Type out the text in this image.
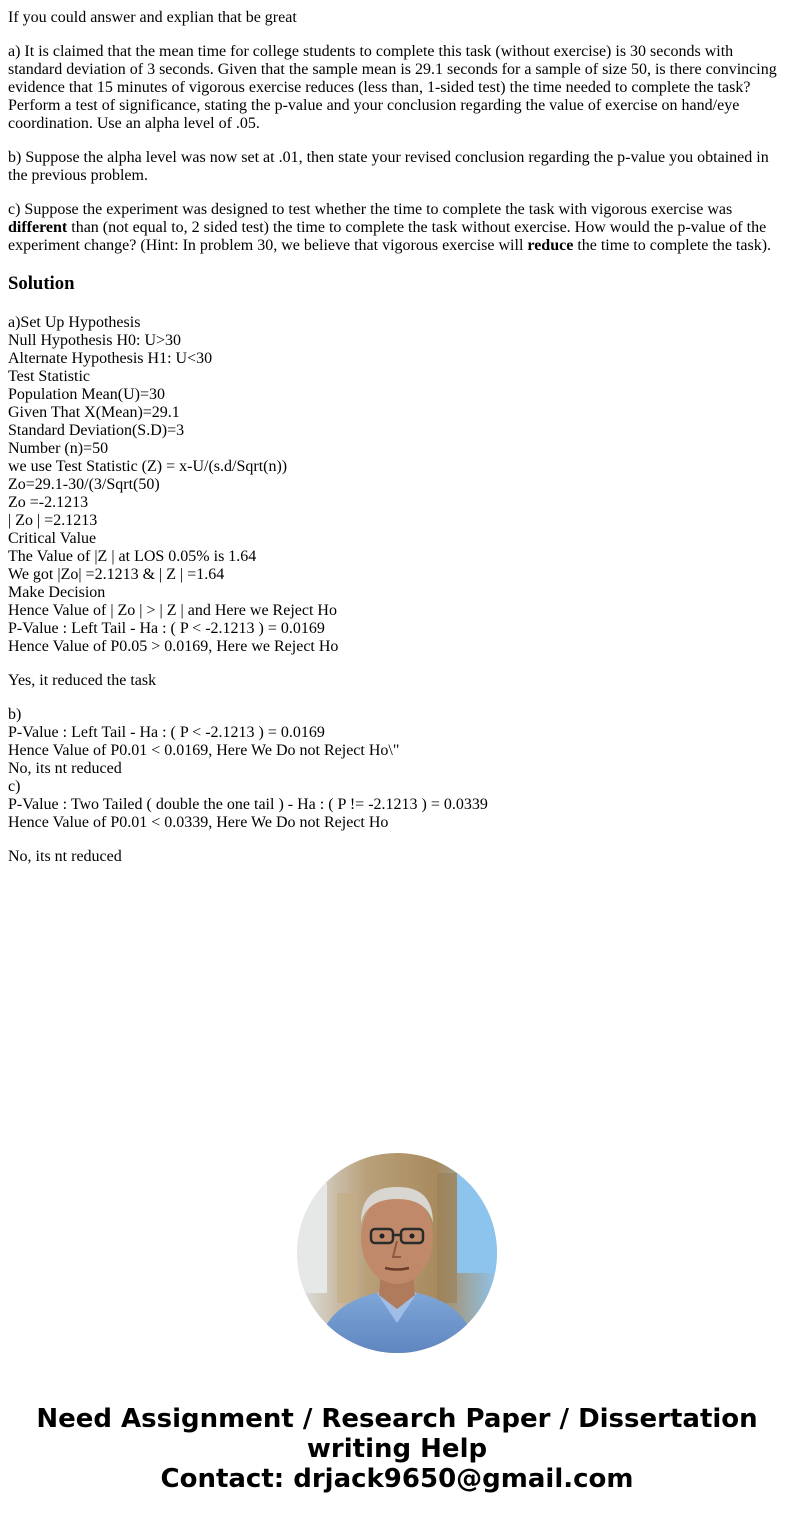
If you could answer and explian that be great

a) It is claimed that the mean time for college students to complete this task (without exercise) is 30 seconds with standard deviation of 3 seconds. Given that the sample mean is 29.1 seconds for a sample of size 50, is there convincing evidence that 15 minutes of vigorous exercise reduces (less than, 1-sided test) the time needed to complete the task? Perform a test of significance, stating the p-value and your conclusion regarding the value of exercise on hand/eye coordination. Use an alpha level of .05.

b) Suppose the alpha level was now set at .01, then state your revised conclusion regarding the p-value you obtained in the previous problem.

c) Suppose the experiment was designed to test whether the time to complete the task with vigorous exercise was different than (not equal to, 2 sided test) the time to complete the task without exercise. How would the p-value of the experiment change? (Hint: In problem 30, we believe that vigorous exercise will reduce the time to complete the task).

Solution
a)Set Up Hypothesis
Null Hypothesis H0: U>30
Alternate Hypothesis H1: U<30
Test Statistic
Population Mean(U)=30
Given That X(Mean)=29.1
Standard Deviation(S.D)=3
Number (n)=50
we use Test Statistic (Z) = x-U/(s.d/Sqrt(n))
Zo=29.1-30/(3/Sqrt(50)
Zo =-2.1213
| Zo | =2.1213
Critical Value
The Value of |Z | at LOS 0.05% is 1.64
We got |Zo| =2.1213 & | Z | =1.64
Make Decision
Hence Value of | Zo | > | Z | and Here we Reject Ho
P-Value : Left Tail - Ha : ( P < -2.1213 ) = 0.0169
Hence Value of P0.05 > 0.0169, Here we Reject Ho

Yes, it reduced the task

b)
P-Value : Left Tail - Ha : ( P < -2.1213 ) = 0.0169
Hence Value of P0.01 < 0.0169, Here We Do not Reject Ho\"
No, its nt reduced
c)
P-Value : Two Tailed ( double the one tail ) - Ha : ( P != -2.1213 ) = 0.0339
Hence Value of P0.01 < 0.0339, Here We Do not Reject Ho

No, its nt reduced

Need Assignment / Research Paper / Dissertation
writing Help
Contact: drjack9650@gmail.com
